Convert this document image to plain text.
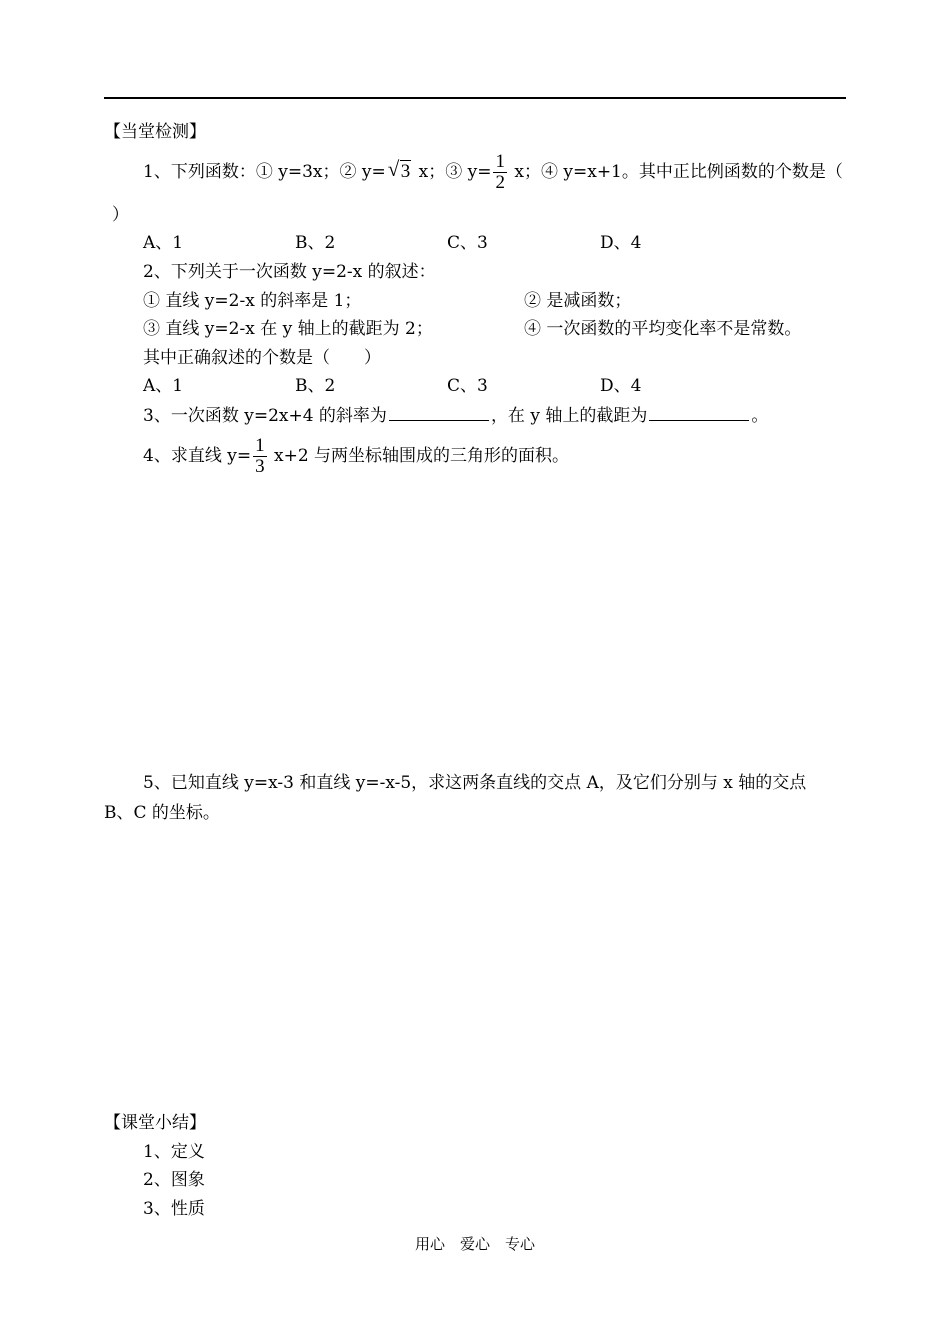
【当堂检测】
1、下列函数：① y=3x；② y= √ 3 x；③ $y= \frac{1}{2}$ x；④ y=x+1。其中正比例函数的个数是（
）
A、1	B、2	C、3	D、4
2、下列关于一次函数 y=2-x 的叙述：
① 直线 y=2-x 的斜率是 1；	② 是减函数；
③ 直线 y=2-x 在 y 轴上的截距为 2；	④ 一次函数的平均变化率不是常数。
其中正确叙述的个数是（　　）
A、1	B、2	C、3	D、4
3、一次函数 y=2x+4 的斜率为	，在 y 轴上的截距为	。
4、求直线 $y= \frac{1}{3} x+2$ 与两坐标轴围成的三角形的面积。
5、已知直线 y=x-3 和直线 y=-x-5，求这两条直线的交点 A，及它们分别与 x 轴的交点
B、C 的坐标。
【课堂小结】
1、定义
2、图象
3、性质
用心　爱心　专心
